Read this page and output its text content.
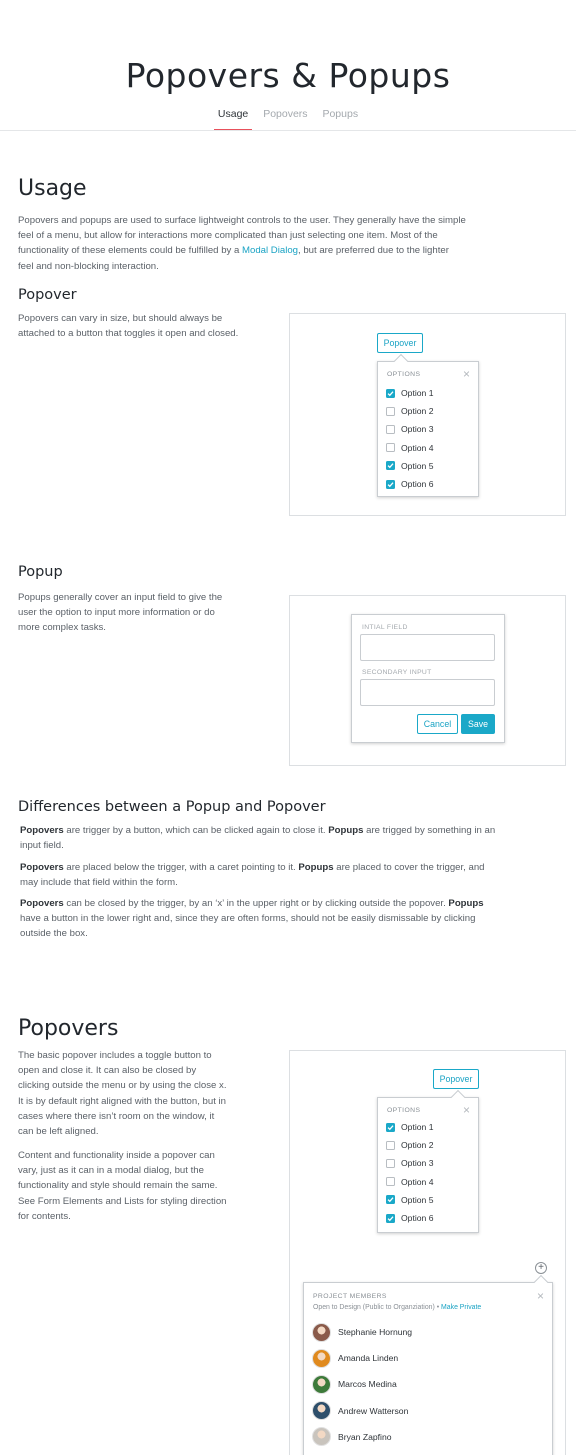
Popovers & Popups
Usage Popovers Popups
Usage

Popovers and popups are used to surface lightweight controls to the user. They generally have the simple feel of a menu, but allow for interactions more complicated than just selecting one item. Most of the functionality of these elements could be fulfilled by a Modal Dialog, but are preferred due to the lighter feel and non-blocking interaction.

Popover

Popovers can vary in size, but should always be attached to a button that toggles it open and closed.

Popover
OPTIONS	×
Option 1
Option 2
Option 3
Option 4
Option 5
Option 6
Popup

Popups generally cover an input field to give the user the option to input more information or do more complex tasks.	INTIAL FIELD
SECONDARY INPUT
Cancel	Save
Differences between a Popup and Popover

Popovers are trigger by a button, which can be clicked again to close it. Popups are trigged by something in an input field.

Popovers are placed below the trigger, with a caret pointing to it. Popups are placed to cover the trigger, and may include that field within the form.

Popovers can be closed by the trigger, by an ‘x’ in the upper right or by clicking outside the popover. Popups have a button in the lower right and, since they are often forms, should not be easily dismissable by clicking outside the box.

Popovers

The basic popover includes a toggle button to open and close it. It can also be closed by clicking outside the menu or by using the close x. It is by default right aligned with the button, but in cases where there isn’t room on the window, it can be left aligned.

Content and functionality inside a popover can vary, just as it can in a modal dialog, but the functionality and style should remain the same. See Form Elements and Lists for styling direction for contents.

Popover
OPTIONS	×
Option 1
Option 2
Option 3
Option 4
Option 5
Option 6
+
PROJECT MEMBERS	×
Open to Design (Public to Organziation) • Make Private
Stephanie Hornung
Amanda Linden
Marcos Medina
Andrew Watterson
Bryan Zapfino
